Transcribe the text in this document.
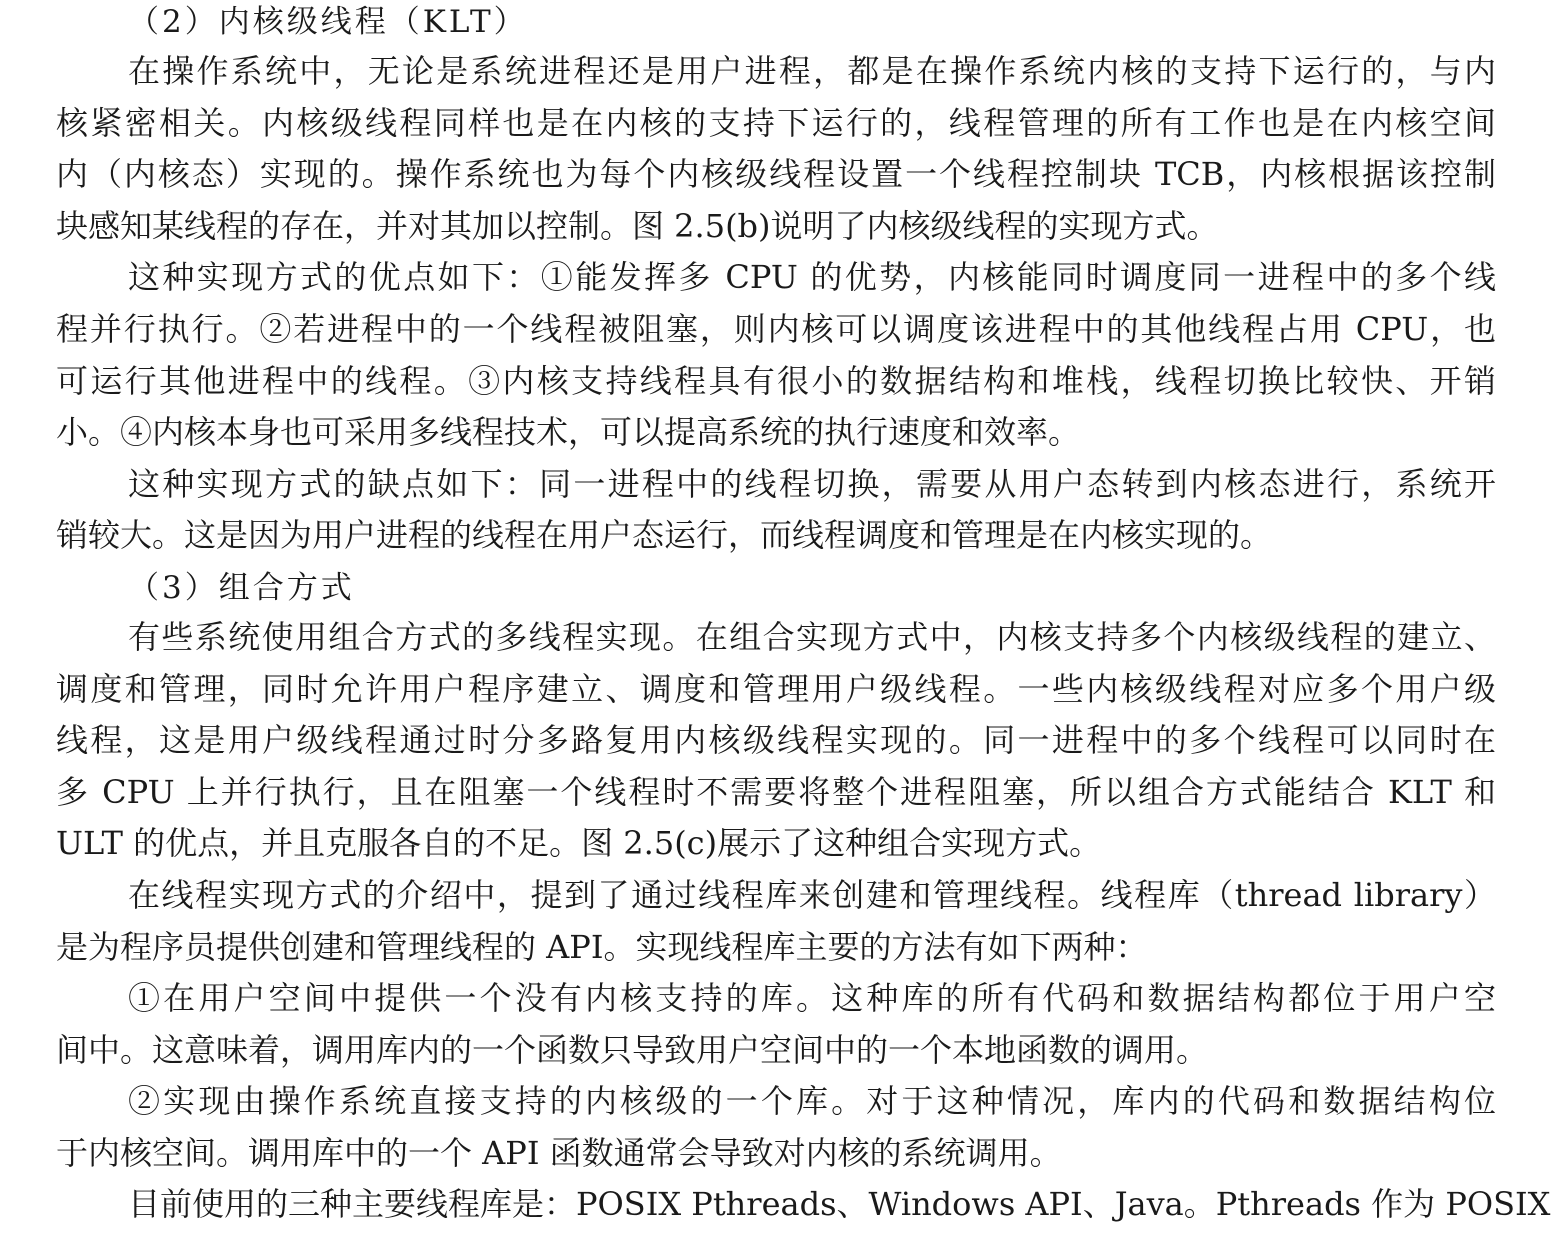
（2）内核级线程（KLT）
在操作系统中，无论是系统进程还是用户进程，都是在操作系统内核的支持下运行的，与内
核紧密相关。内核级线程同样也是在内核的支持下运行的，线程管理的所有工作也是在内核空间
内（内核态）实现的。操作系统也为每个内核级线程设置一个线程控制块 TCB，内核根据该控制
块感知某线程的存在，并对其加以控制。图 2.5(b)说明了内核级线程的实现方式。
这种实现方式的优点如下：①能发挥多 CPU 的优势，内核能同时调度同一进程中的多个线
程并行执行。②若进程中的一个线程被阻塞，则内核可以调度该进程中的其他线程占用 CPU，也
可运行其他进程中的线程。③内核支持线程具有很小的数据结构和堆栈，线程切换比较快、开销
小。④内核本身也可采用多线程技术，可以提高系统的执行速度和效率。
这种实现方式的缺点如下：同一进程中的线程切换，需要从用户态转到内核态进行，系统开
销较大。这是因为用户进程的线程在用户态运行，而线程调度和管理是在内核实现的。
（3）组合方式
有些系统使用组合方式的多线程实现。在组合实现方式中，内核支持多个内核级线程的建立、
调度和管理，同时允许用户程序建立、调度和管理用户级线程。一些内核级线程对应多个用户级
线程，这是用户级线程通过时分多路复用内核级线程实现的。同一进程中的多个线程可以同时在
多 CPU 上并行执行，且在阻塞一个线程时不需要将整个进程阻塞，所以组合方式能结合 KLT 和
ULT 的优点，并且克服各自的不足。图 2.5(c)展示了这种组合实现方式。
在线程实现方式的介绍中，提到了通过线程库来创建和管理线程。线程库（thread library）
是为程序员提供创建和管理线程的 API。实现线程库主要的方法有如下两种：
①在用户空间中提供一个没有内核支持的库。这种库的所有代码和数据结构都位于用户空
间中。这意味着，调用库内的一个函数只导致用户空间中的一个本地函数的调用。
②实现由操作系统直接支持的内核级的一个库。对于这种情况，库内的代码和数据结构位
于内核空间。调用库中的一个 API 函数通常会导致对内核的系统调用。
目前使用的三种主要线程库是：POSIX Pthreads、Windows API、Java。Pthreads 作为 POSIX
